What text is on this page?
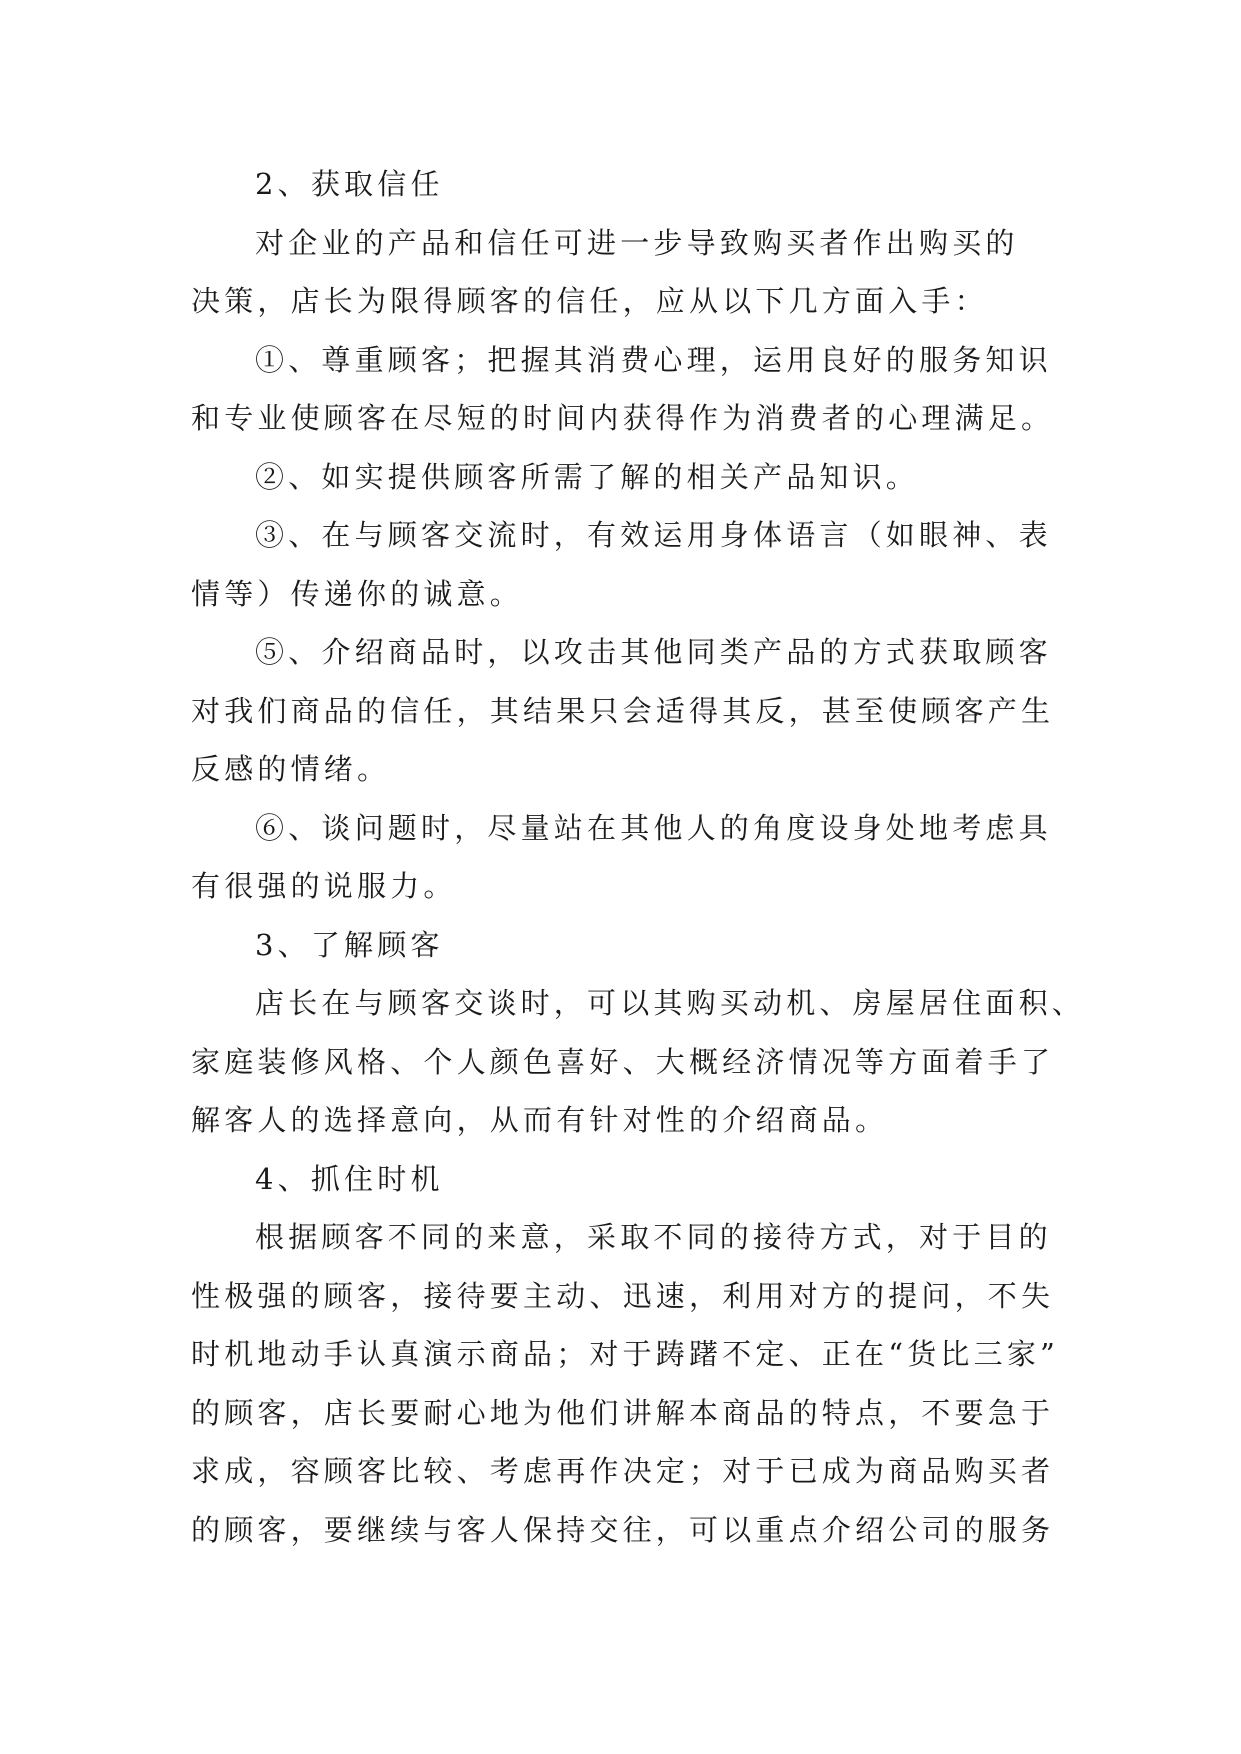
2、获取信任
对企业的产品和信任可进一步导致购买者作出购买的
决策，店长为限得顾客的信任，应从以下几方面入手：
①、尊重顾客；把握其消费心理，运用良好的服务知识
和专业使顾客在尽短的时间内获得作为消费者的心理满足。
②、如实提供顾客所需了解的相关产品知识。
③、在与顾客交流时，有效运用身体语言（如眼神、表
情等）传递你的诚意。
⑤、介绍商品时，以攻击其他同类产品的方式获取顾客
对我们商品的信任，其结果只会适得其反，甚至使顾客产生
反感的情绪。
⑥、谈问题时，尽量站在其他人的角度设身处地考虑具
有很强的说服力。
3、了解顾客
店长在与顾客交谈时，可以其购买动机、房屋居住面积、
家庭装修风格、个人颜色喜好、大概经济情况等方面着手了
解客人的选择意向，从而有针对性的介绍商品。
4、抓住时机
根据顾客不同的来意，采取不同的接待方式，对于目的
性极强的顾客，接待要主动、迅速，利用对方的提问，不失
时机地动手认真演示商品；对于踌躇不定、正在“货比三家”
的顾客，店长要耐心地为他们讲解本商品的特点，不要急于
求成，容顾客比较、考虑再作决定；对于已成为商品购买者
的顾客，要继续与客人保持交往，可以重点介绍公司的服务
